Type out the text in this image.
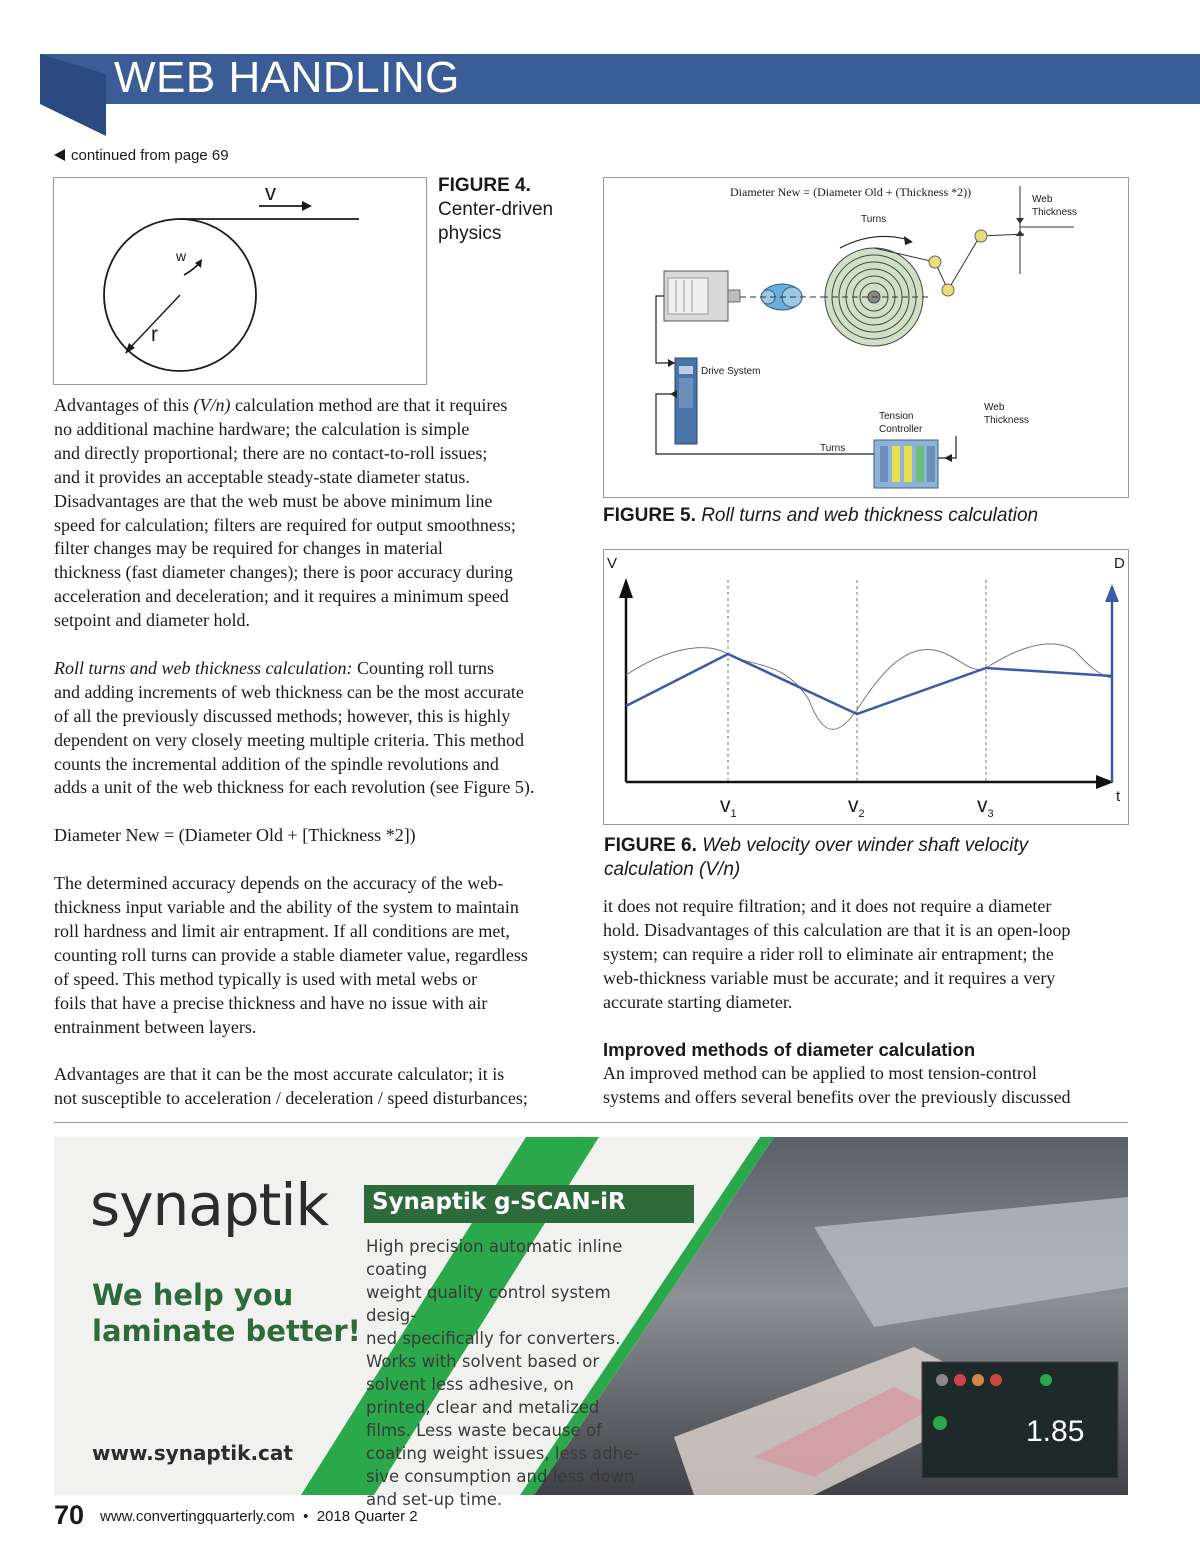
WEB HANDLING
continued from page 69
v
w
r
FIGURE 4.
Center-driven
physics
Diameter New = (Diameter Old + (Thickness *2))
Web
Thickness
Turns
Drive System
Tension
Controller
Web
Thickness
Turns
FIGURE 5. Roll turns and web thickness calculation
V	D
t
$v_1$	$v_2$	$v_3$
FIGURE 6. Web velocity over winder shaft velocity
calculation (V/n)

Advantages of this (V/n) calculation method are that it requires
no additional machine hardware; the calculation is simple
and directly proportional; there are no contact-to-roll issues;
and it provides an acceptable steady-state diameter status.
Disadvantages are that the web must be above minimum line
speed for calculation; filters are required for output smoothness;
filter changes may be required for changes in material
thickness (fast diameter changes); there is poor accuracy during
acceleration and deceleration; and it requires a minimum speed
setpoint and diameter hold.

Roll turns and web thickness calculation: Counting roll turns
and adding increments of web thickness can be the most accurate
of all the previously discussed methods; however, this is highly
dependent on very closely meeting multiple criteria. This method
counts the incremental addition of the spindle revolutions and
adds a unit of the web thickness for each revolution (see Figure 5).

Diameter New = (Diameter Old + [Thickness *2])

The determined accuracy depends on the accuracy of the web-
thickness input variable and the ability of the system to maintain
roll hardness and limit air entrapment. If all conditions are met,
counting roll turns can provide a stable diameter value, regardless
of speed. This method typically is used with metal webs or
foils that have a precise thickness and have no issue with air
entrainment between layers.

Advantages are that it can be the most accurate calculator; it is
not susceptible to acceleration / deceleration / speed disturbances;

it does not require filtration; and it does not require a diameter
hold. Disadvantages of this calculation are that it is an open-loop
system; can require a rider roll to eliminate air entrapment; the
web-thickness variable must be accurate; and it requires a very
accurate starting diameter.

Improved methods of diameter calculation

An improved method can be applied to most tension-control
systems and offers several benefits over the previously discussed

1.85
synaptik
We help you
laminate better!
www.synaptik.cat
Synaptik g-SCAN-iR
High precision automatic inline coating
weight quality control system desig-
ned specifically for converters.
Works with solvent based or
solvent less adhesive, on
printed, clear and metalized
films. Less waste because of
coating weight issues, less adhe-
sive consumption and less down
and set-up time.
70 www.convertingquarterly.com • 2018 Quarter 2
